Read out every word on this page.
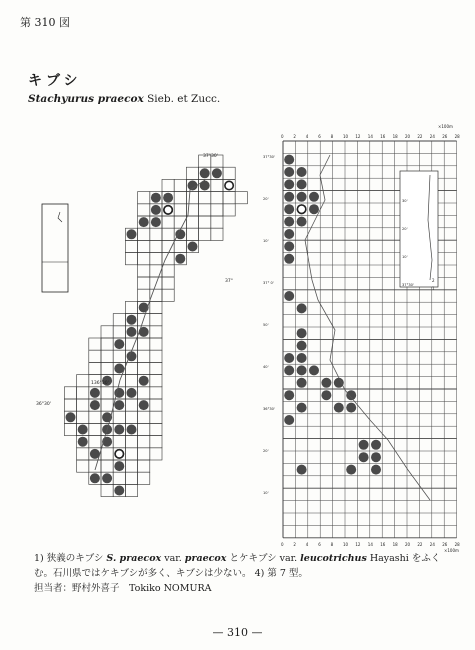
第 310 図
キブシ
Stachyurus praecox Sieb. et Zucc.
37°30'
37°
136°30'
36°30'
0 2 4 6 8 10 12 14 16 18 20 22 24 26 28
0 2 4 6 8 10 12 14 16 18 20 22 24 26 28
×100m
×100m
37°30'
20'
10'
37° 0'
50'
40'
36°30'
20'
10'
30'
20'
10'
37°30'
1
2
1) 狭義のキブシ S. praecox var. praecox とケキブシ var. leucotrichus Hayashi をふく
む。石川県ではケキブシが多く、キブシは少ない。 4) 第 7 型。
担当者：野村外喜子　Tokiko NOMURA
— 310 —
